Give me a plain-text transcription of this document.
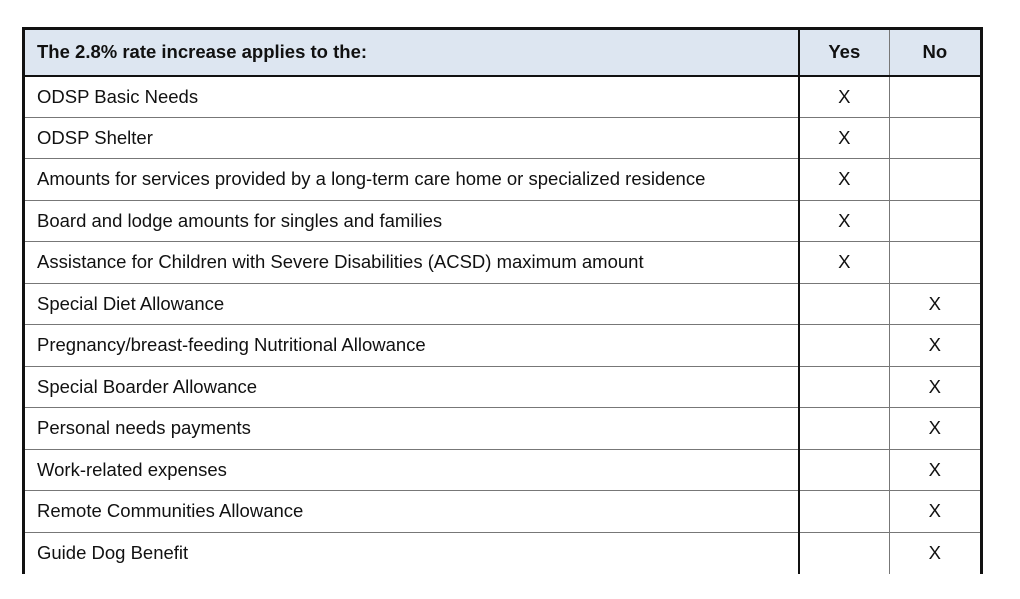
The 2.8% rate increase applies to the:	Yes	No
ODSP Basic Needs	X	
ODSP Shelter	X	
Amounts for services provided by a long-term care home or specialized residence	X	
Board and lodge amounts for singles and families	X	
Assistance for Children with Severe Disabilities (ACSD) maximum amount	X	
Special Diet Allowance		X
Pregnancy/breast-feeding Nutritional Allowance		X
Special Boarder Allowance		X
Personal needs payments		X
Work-related expenses		X
Remote Communities Allowance		X
Guide Dog Benefit		X
